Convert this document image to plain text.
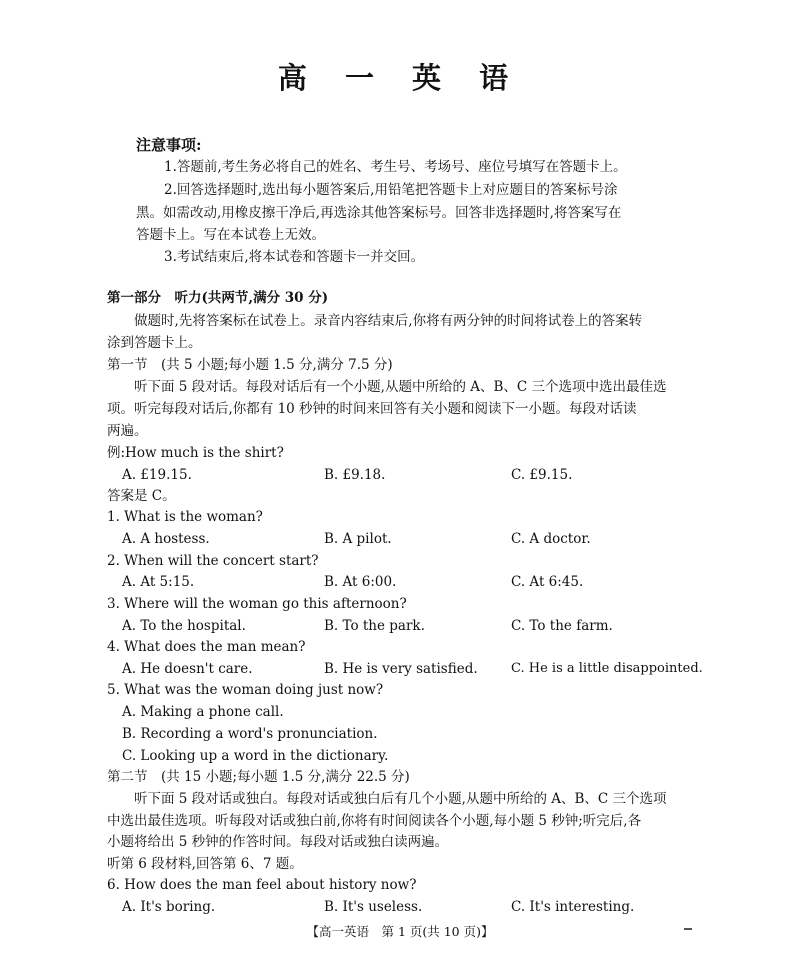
高 一 英 语
注意事项:
1.答题前,考生务必将自己的姓名、考生号、考场号、座位号填写在答题卡上。
2.回答选择题时,选出每小题答案后,用铅笔把答题卡上对应题目的答案标号涂
黑。如需改动,用橡皮擦干净后,再选涂其他答案标号。回答非选择题时,将答案写在
答题卡上。写在本试卷上无效。
3.考试结束后,将本试卷和答题卡一并交回。
第一部分　听力(共两节,满分 30 分)
做题时,先将答案标在试卷上。录音内容结束后,你将有两分钟的时间将试卷上的答案转
涂到答题卡上。
第一节　(共 5 小题;每小题 1.5 分,满分 7.5 分)
听下面 5 段对话。每段对话后有一个小题,从题中所给的 A、B、C 三个选项中选出最佳选
项。听完每段对话后,你都有 10 秒钟的时间来回答有关小题和阅读下一小题。每段对话读
两遍。
例:How much is the shirt?
A. £19.15.	B. £9.18.	C. £9.15.
答案是 C。
1. What is the woman?
A. A hostess.	B. A pilot.	C. A doctor.
2. When will the concert start?
A. At 5:15.	B. At 6:00.	C. At 6:45.
3. Where will the woman go this afternoon?
A. To the hospital.	B. To the park.	C. To the farm.
4. What does the man mean?
A. He doesn't care.	B. He is very satisfied.	C. He is a little disappointed.
5. What was the woman doing just now?
A. Making a phone call.
B. Recording a word's pronunciation.
C. Looking up a word in the dictionary.
第二节　(共 15 小题;每小题 1.5 分,满分 22.5 分)
听下面 5 段对话或独白。每段对话或独白后有几个小题,从题中所给的 A、B、C 三个选项
中选出最佳选项。听每段对话或独白前,你将有时间阅读各个小题,每小题 5 秒钟;听完后,各
小题将给出 5 秒钟的作答时间。每段对话或独白读两遍。
听第 6 段材料,回答第 6、7 题。
6. How does the man feel about history now?
A. It's boring.	B. It's useless.	C. It's interesting.
【高一英语　第 1 页(共 10 页)】
